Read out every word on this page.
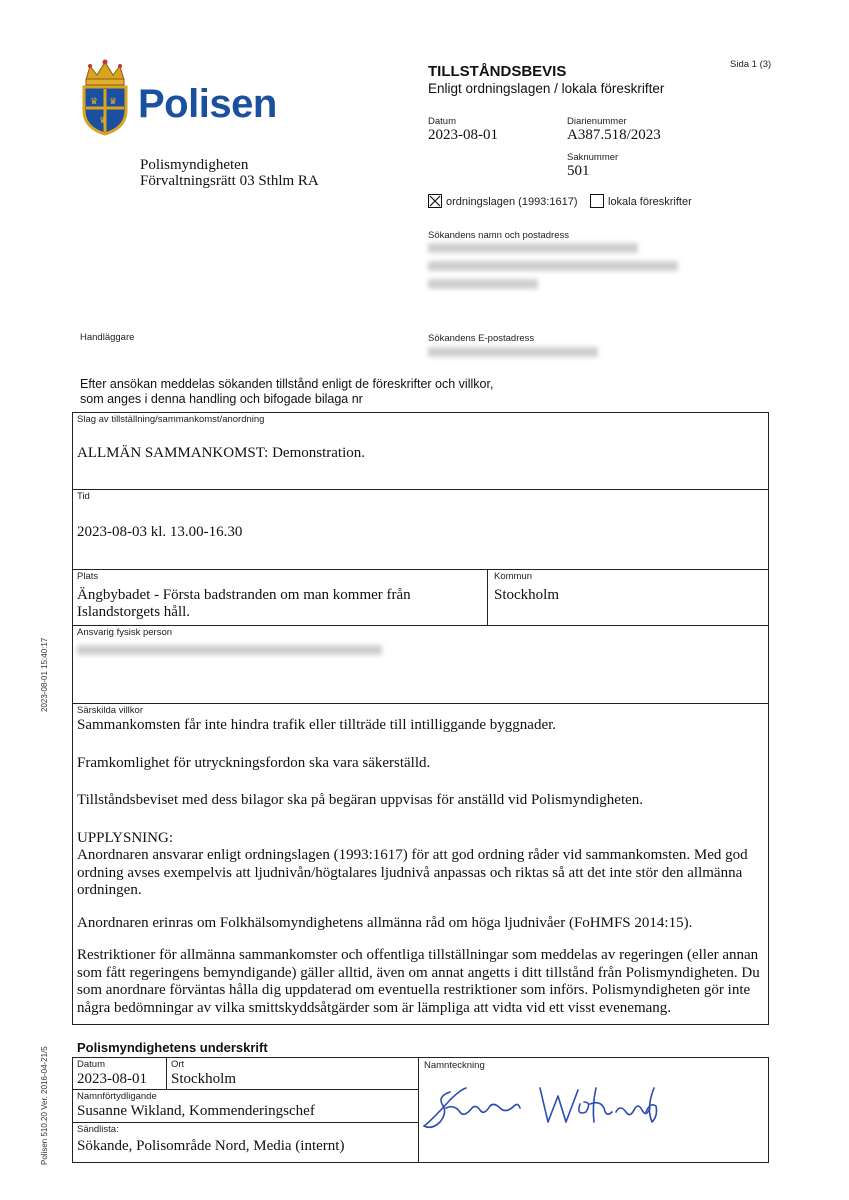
♛ ♛
♛ Polisen
Polismyndigheten
Förvaltningsrätt 03 Sthlm RA
TILLSTÅNDSBEVIS
Enligt ordningslagen / lokala föreskrifter
Sida 1 (3)
Datum
2023-08-01
Diarienummer
A387.518/2023
Saknummer
501
ordningslagen (1993:1617)	lokala föreskrifter
Sökandens namn och postadress
Handläggare	Sökandens E-postadress
Efter ansökan meddelas sökanden tillstånd enligt de föreskrifter och villkor,
som anges i denna handling och bifogade bilaga nr
Slag av tillställning/sammankomst/anordning
ALLMÄN SAMMANKOMST: Demonstration.
Tid
2023-08-03 kl. 13.00-16.30
Plats
Ängbybadet - Första badstranden om man kommer från
Islandstorgets håll.
Kommun
Stockholm
Ansvarig fysisk person
Särskilda villkor

Sammankomsten får inte hindra trafik eller tillträde till intilliggande byggnader.

Framkomlighet för utryckningsfordon ska vara säkerställd.

Tillståndsbeviset med dess bilagor ska på begäran uppvisas för anställd vid Polismyndigheten.

UPPLYSNING:

Anordnaren ansvarar enligt ordningslagen (1993:1617) för att god ordning råder vid sammankomsten. Med god ordning avses exempelvis att ljudnivån/högtalares ljudnivå anpassas och riktas så att det inte stör den allmänna ordningen.

Anordnaren erinras om Folkhälsomyndighetens allmänna råd om höga ljudnivåer (FoHMFS 2014:15).

Restriktioner för allmänna sammankomster och offentliga tillställningar som meddelas av regeringen (eller annan som fått regeringens bemyndigande) gäller alltid, även om annat angetts i ditt tillstånd från Polismyndigheten. Du som anordnare förväntas hålla dig uppdaterad om eventuella restriktioner som införs. Polismyndigheten gör inte några bedömningar av vilka smittskyddsåtgärder som är lämpliga att vidta vid ett visst evenemang.

Polismyndighetens underskrift
Datum
2023-08-01
Ort
Stockholm
Namnteckning
Namnförtydligande
Susanne Wikland, Kommenderingschef
Sändlista:
Sökande, Polisområde Nord, Media (internt)
2023-08-01 15:40:17
Polisen 510.20 Ver. 2016-04-21/5
